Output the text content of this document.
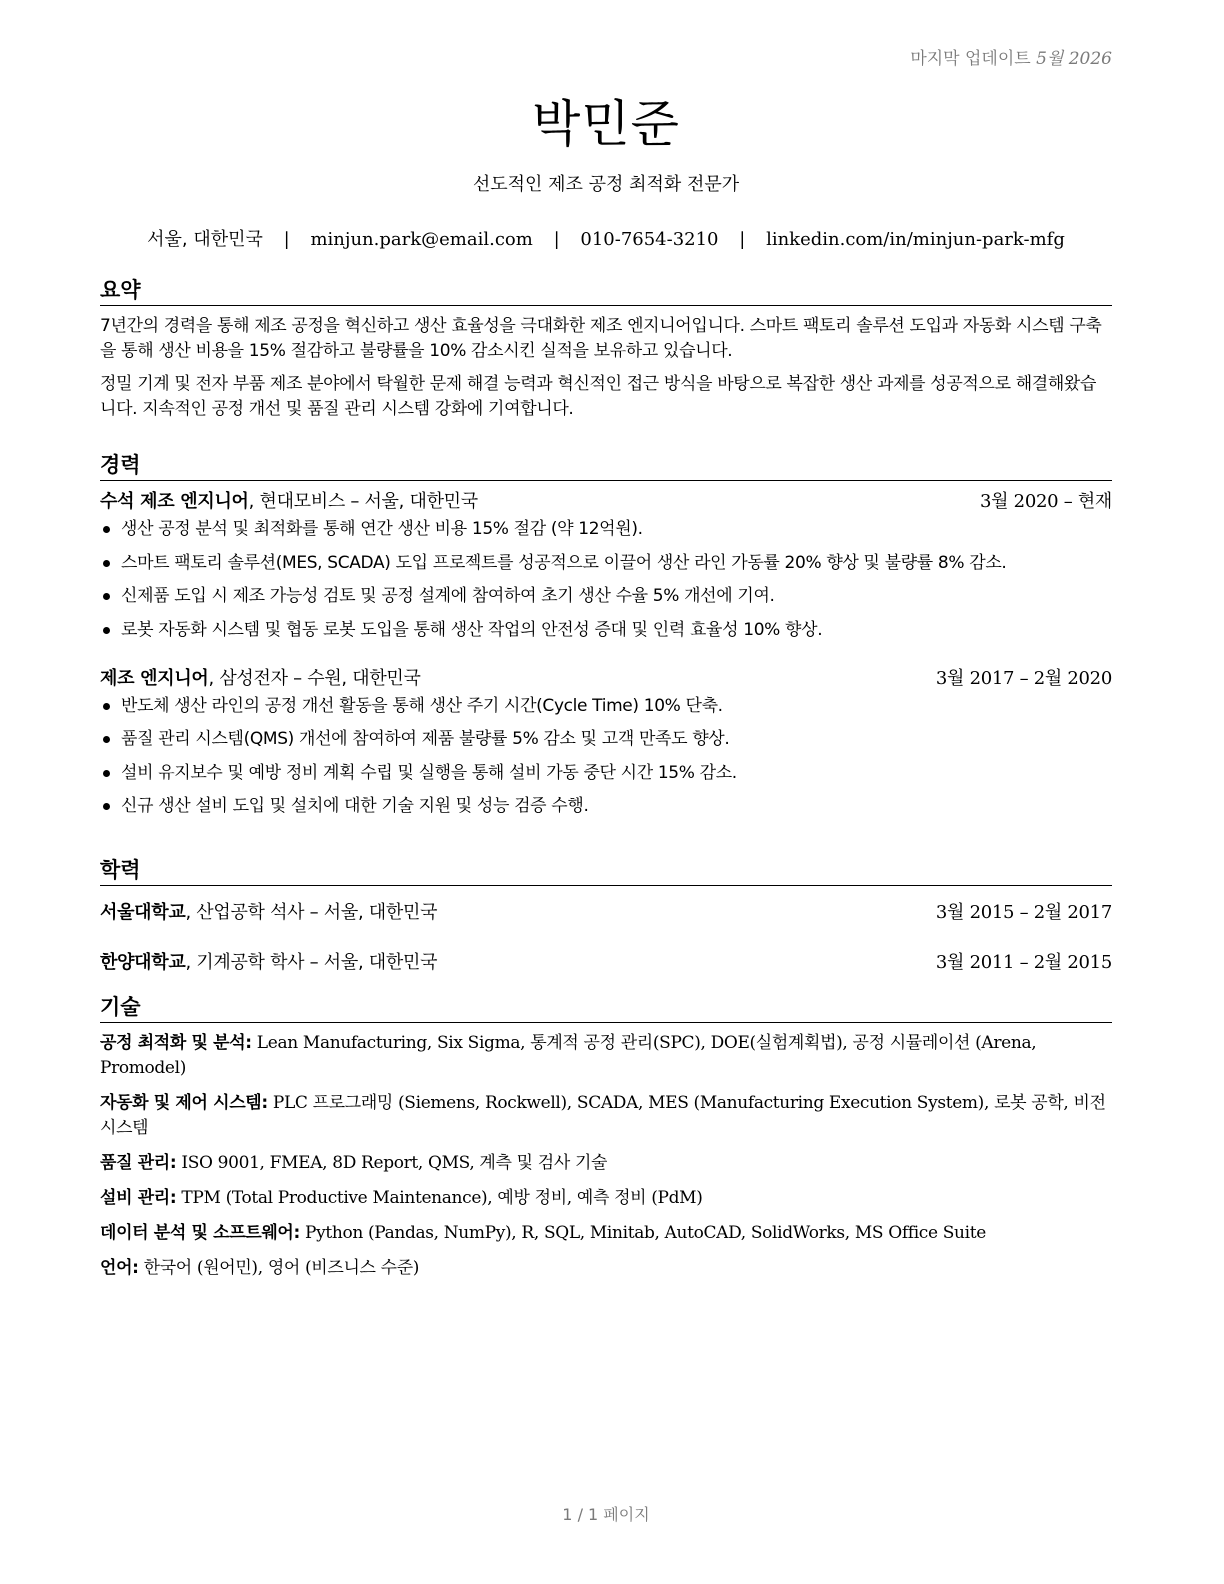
마지막 업데이트 5월 2026
박민준
선도적인 제조 공정 최적화 전문가
서울, 대한민국 | minjun.park@email.com | 010-7654-3210 | linkedin.com/in/minjun-park-mfg
요약
7년간의 경력을 통해 제조 공정을 혁신하고 생산 효율성을 극대화한 제조 엔지니어입니다. 스마트 팩토리 솔루션 도입과 자동화 시스템 구축을 통해 생산 비용을 15% 절감하고 불량률을 10% 감소시킨 실적을 보유하고 있습니다.
정밀 기계 및 전자 부품 제조 분야에서 탁월한 문제 해결 능력과 혁신적인 접근 방식을 바탕으로 복잡한 생산 과제를 성공적으로 해결해왔습니다. 지속적인 공정 개선 및 품질 관리 시스템 강화에 기여합니다.
경력
수석 제조 엔지니어, 현대모비스 – 서울, 대한민국	3월 2020 – 현재
생산 공정 분석 및 최적화를 통해 연간 생산 비용 15% 절감 (약 12억원).
스마트 팩토리 솔루션(MES, SCADA) 도입 프로젝트를 성공적으로 이끌어 생산 라인 가동률 20% 향상 및 불량률 8% 감소.
신제품 도입 시 제조 가능성 검토 및 공정 설계에 참여하여 초기 생산 수율 5% 개선에 기여.
로봇 자동화 시스템 및 협동 로봇 도입을 통해 생산 작업의 안전성 증대 및 인력 효율성 10% 향상.
제조 엔지니어, 삼성전자 – 수원, 대한민국	3월 2017 – 2월 2020
반도체 생산 라인의 공정 개선 활동을 통해 생산 주기 시간(Cycle Time) 10% 단축.
품질 관리 시스템(QMS) 개선에 참여하여 제품 불량률 5% 감소 및 고객 만족도 향상.
설비 유지보수 및 예방 정비 계획 수립 및 실행을 통해 설비 가동 중단 시간 15% 감소.
신규 생산 설비 도입 및 설치에 대한 기술 지원 및 성능 검증 수행.
학력
서울대학교, 산업공학 석사 – 서울, 대한민국	3월 2015 – 2월 2017
한양대학교, 기계공학 학사 – 서울, 대한민국	3월 2011 – 2월 2015
기술
공정 최적화 및 분석: Lean Manufacturing, Six Sigma, 통계적 공정 관리(SPC), DOE(실험계획법), 공정 시뮬레이션 (Arena, Promodel)
자동화 및 제어 시스템: PLC 프로그래밍 (Siemens, Rockwell), SCADA, MES (Manufacturing Execution System), 로봇 공학, 비전 시스템
품질 관리: ISO 9001, FMEA, 8D Report, QMS, 계측 및 검사 기술
설비 관리: TPM (Total Productive Maintenance), 예방 정비, 예측 정비 (PdM)
데이터 분석 및 소프트웨어: Python (Pandas, NumPy), R, SQL, Minitab, AutoCAD, SolidWorks, MS Office Suite
언어: 한국어 (원어민), 영어 (비즈니스 수준)
1 / 1 페이지
